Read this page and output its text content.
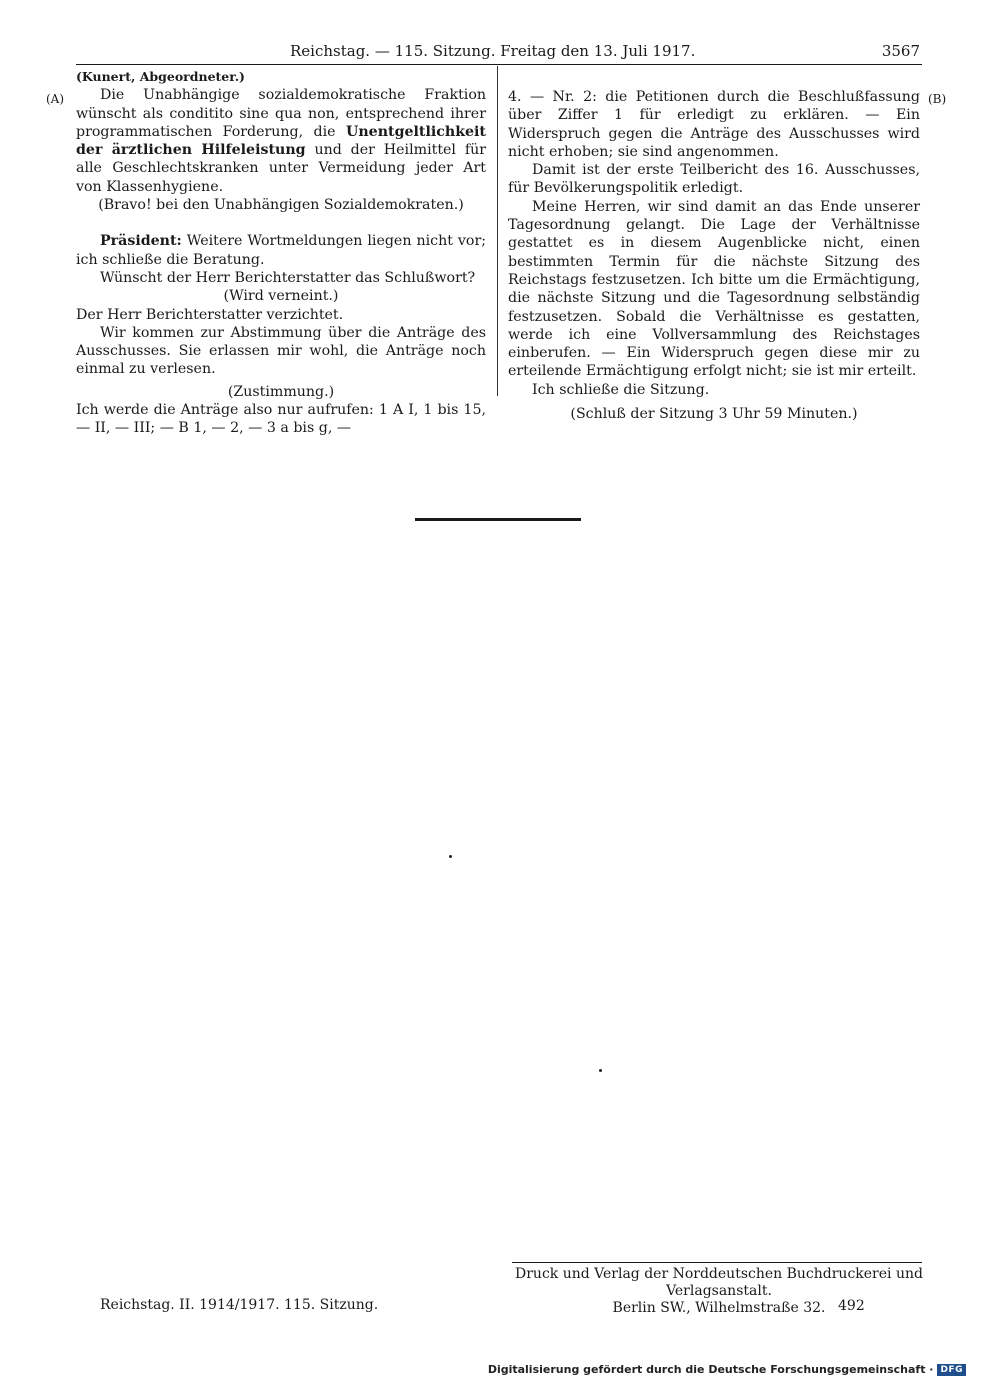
Reichstag. — 115. Sitzung. Freitag den 13. Juli 1917.	3567
(A)	(B)

(Kunert, Abgeordneter.)

Die Unabhängige sozialdemokratische Fraktion wünscht als conditito sine qua non, entsprechend ihrer programmatischen Forderung, die Unentgeltlichkeit der ärztlichen Hilfeleistung und der Heilmittel für alle Geschlechtskranken unter Vermeidung jeder Art von Klassenhygiene.

(Bravo! bei den Unabhängigen Sozialdemokraten.)

Präsident: Weitere Wortmeldungen liegen nicht vor; ich schließe die Beratung.

Wünscht der Herr Berichterstatter das Schlußwort?

(Wird verneint.)

Der Herr Berichterstatter verzichtet.

Wir kommen zur Abstimmung über die Anträge des Ausschusses. Sie erlassen mir wohl, die Anträge noch einmal zu verlesen.

(Zustimmung.)

Ich werde die Anträge also nur aufrufen: 1 A I, 1 bis 15, — II, — III; — B 1, — 2, — 3 a bis g, —

4. — Nr. 2: die Petitionen durch die Beschlußfassung über Ziffer 1 für erledigt zu erklären. — Ein Widerspruch gegen die Anträge des Ausschusses wird nicht erhoben; sie sind angenommen.

Damit ist der erste Teilbericht des 16. Ausschusses, für Bevölkerungspolitik erledigt.

Meine Herren, wir sind damit an das Ende unserer Tagesordnung gelangt. Die Lage der Verhältnisse gestattet es in diesem Augenblicke nicht, einen bestimmten Termin für die nächste Sitzung des Reichstags festzusetzen. Ich bitte um die Ermächtigung, die nächste Sitzung und die Tagesordnung selbständig festzusetzen. Sobald die Verhältnisse es gestatten, werde ich eine Vollversammlung des Reichstages einberufen. — Ein Widerspruch gegen diese mir zu erteilende Ermächtigung erfolgt nicht; sie ist mir erteilt.

Ich schließe die Sitzung.

(Schluß der Sitzung 3 Uhr 59 Minuten.)

Druck und Verlag der Norddeutschen Buchdruckerei und Verlagsanstalt.
Berlin SW., Wilhelmstraße 32.
Reichstag. II. 1914/1917. 115. Sitzung.	492
Digitalisierung gefördert durch die Deutsche Forschungsgemeinschaft · DFG
